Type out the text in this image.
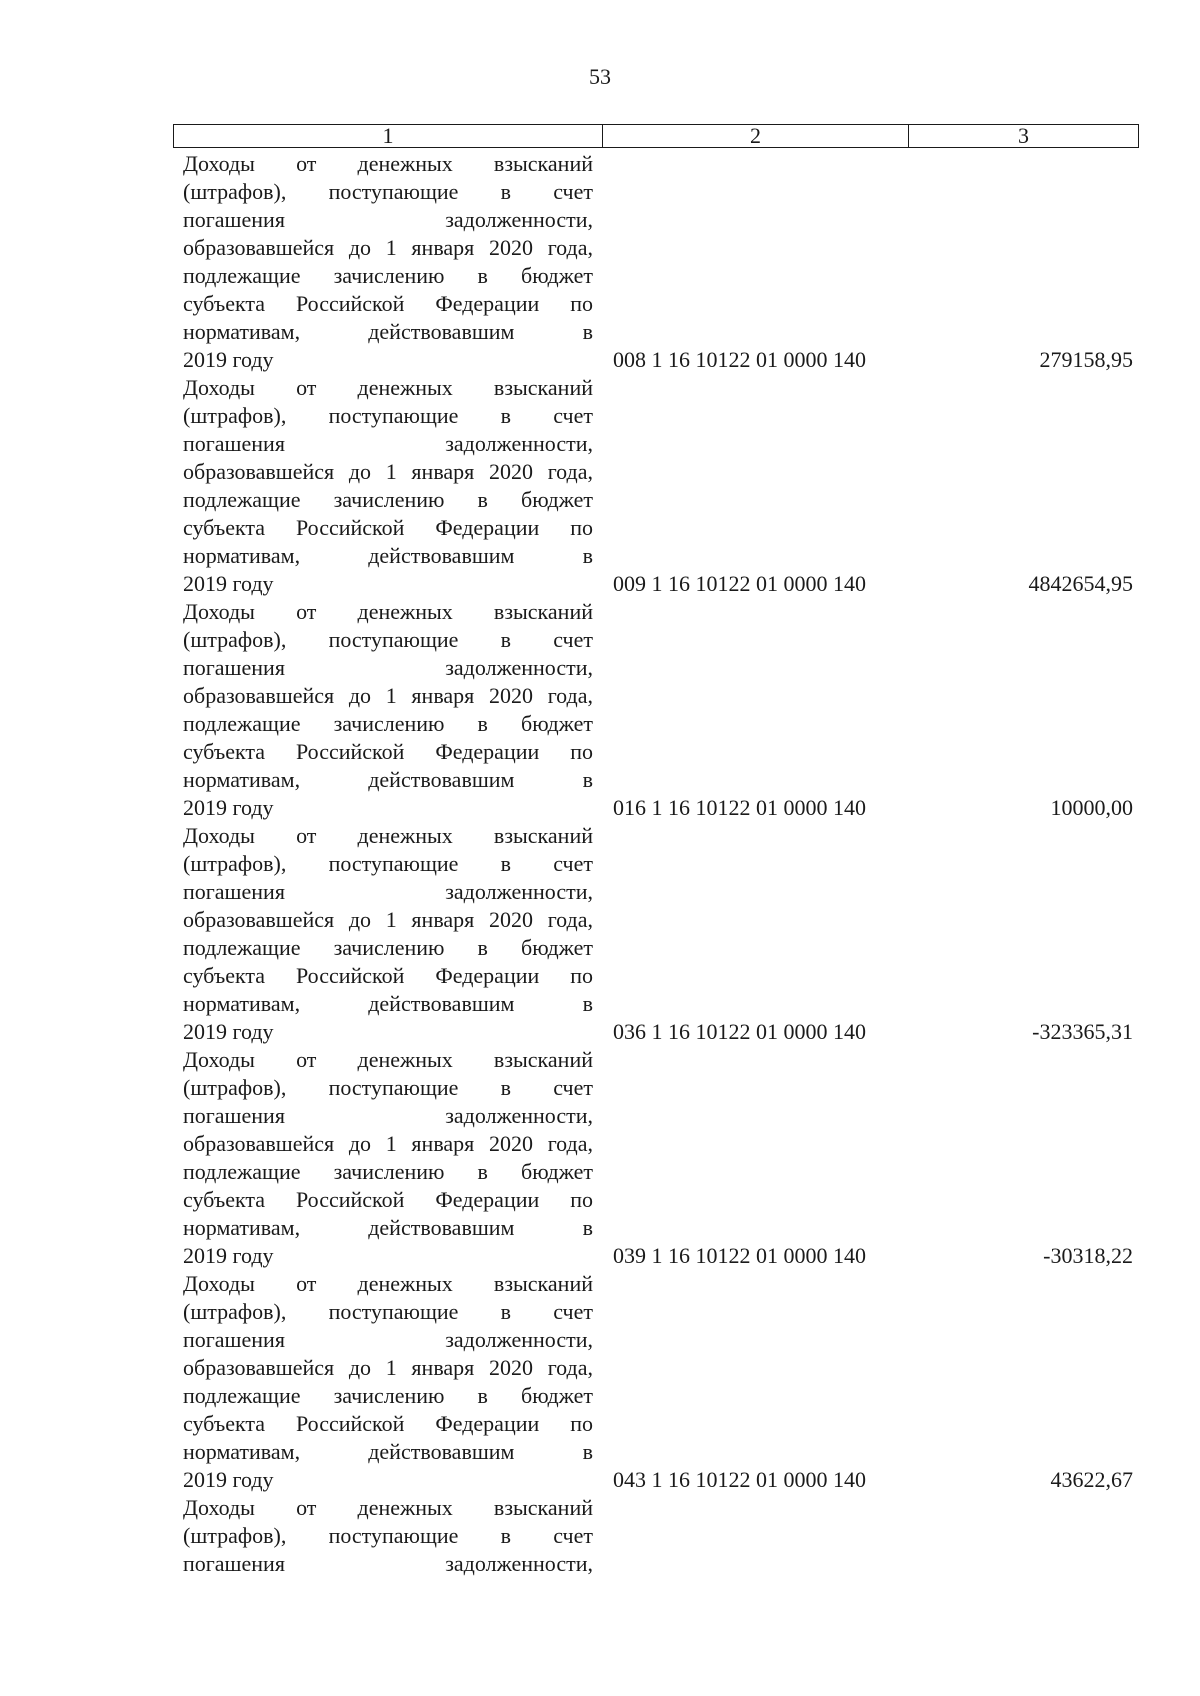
53
1	2	3
Доходы от денежных взысканий
(штрафов), поступающие в счет
погашения задолженности,
образовавшейся до 1 января 2020 года,
подлежащие зачислению в бюджет
субъекта Российской Федерации по
нормативам, действовавшим в
2019 году	008 1 16 10122 01 0000 140	279158,95
Доходы от денежных взысканий
(штрафов), поступающие в счет
погашения задолженности,
образовавшейся до 1 января 2020 года,
подлежащие зачислению в бюджет
субъекта Российской Федерации по
нормативам, действовавшим в
2019 году	009 1 16 10122 01 0000 140	4842654,95
Доходы от денежных взысканий
(штрафов), поступающие в счет
погашения задолженности,
образовавшейся до 1 января 2020 года,
подлежащие зачислению в бюджет
субъекта Российской Федерации по
нормативам, действовавшим в
2019 году	016 1 16 10122 01 0000 140	10000,00
Доходы от денежных взысканий
(штрафов), поступающие в счет
погашения задолженности,
образовавшейся до 1 января 2020 года,
подлежащие зачислению в бюджет
субъекта Российской Федерации по
нормативам, действовавшим в
2019 году	036 1 16 10122 01 0000 140	-323365,31
Доходы от денежных взысканий
(штрафов), поступающие в счет
погашения задолженности,
образовавшейся до 1 января 2020 года,
подлежащие зачислению в бюджет
субъекта Российской Федерации по
нормативам, действовавшим в
2019 году	039 1 16 10122 01 0000 140	-30318,22
Доходы от денежных взысканий
(штрафов), поступающие в счет
погашения задолженности,
образовавшейся до 1 января 2020 года,
подлежащие зачислению в бюджет
субъекта Российской Федерации по
нормативам, действовавшим в
2019 году	043 1 16 10122 01 0000 140	43622,67
Доходы от денежных взысканий
(штрафов), поступающие в счет
погашения задолженности,
